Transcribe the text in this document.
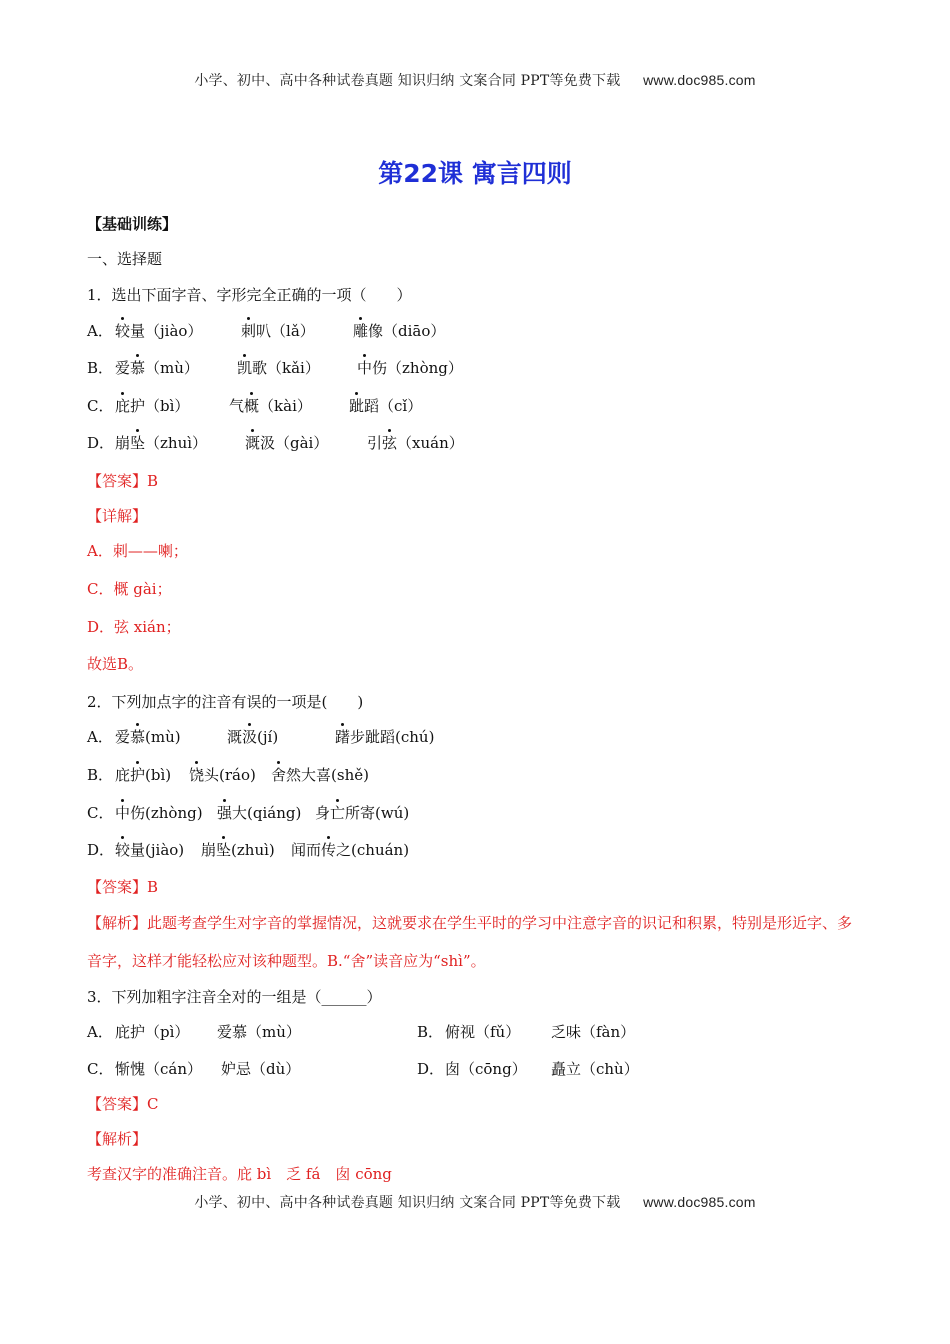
小学、初中、高中各种试卷真题 知识归纳 文案合同 PPT等免费下载 www.doc985.com
第22课 寓言四则
【基础训练】
一、选择题
1．选出下面字音、字形完全正确的一项（　　）
A． 较量（jiào）	刺叭（lǎ）	雕像（diāo）
B． 爱慕（mù）	凯歌（kǎi） 中伤（zhòng）
C． 庇护（bì）	气概（kài） 跐蹈（cǐ）
D． 崩坠（zhuì）	溉汲（gài）	引弦（xuán）
【答案】B
【详解】
A．刺——喇；
C．概 gài；
D．弦 xián；
故选B。
2．下列加点字的注音有误的一项是(　　)
A． 爱慕(mù)	溉汲(jí)	躇步跐蹈(chú)
B． 庇护(bì) 饶头(ráo) 舍然大喜(shě)
C． 中伤(zhòng) 强大(qiáng) 身亡所寄(wú)
D． 较量(jiào) 崩坠(zhuì) 闻而传之(chuán)
【答案】B
【解析】此题考查学生对字音的掌握情况，这就要求在学生平时的学习中注意字音的识记和积累，特别是形近字、多音字，这样才能轻松应对该种题型。B.“舍”读音应为“shì”。
3．下列加粗字注音全对的一组是（______）
A． 庇护（pì） 爱慕（mù）	B． 俯视（fǔ） 乏味（fàn）
C． 惭愧（cán） 妒忌（dù）	D． 囱（cōng） 矗立（chù）
【答案】C
【解析】
考查汉字的准确注音。庇 bì　乏 fá　囱 cōng
小学、初中、高中各种试卷真题 知识归纳 文案合同 PPT等免费下载 www.doc985.com
